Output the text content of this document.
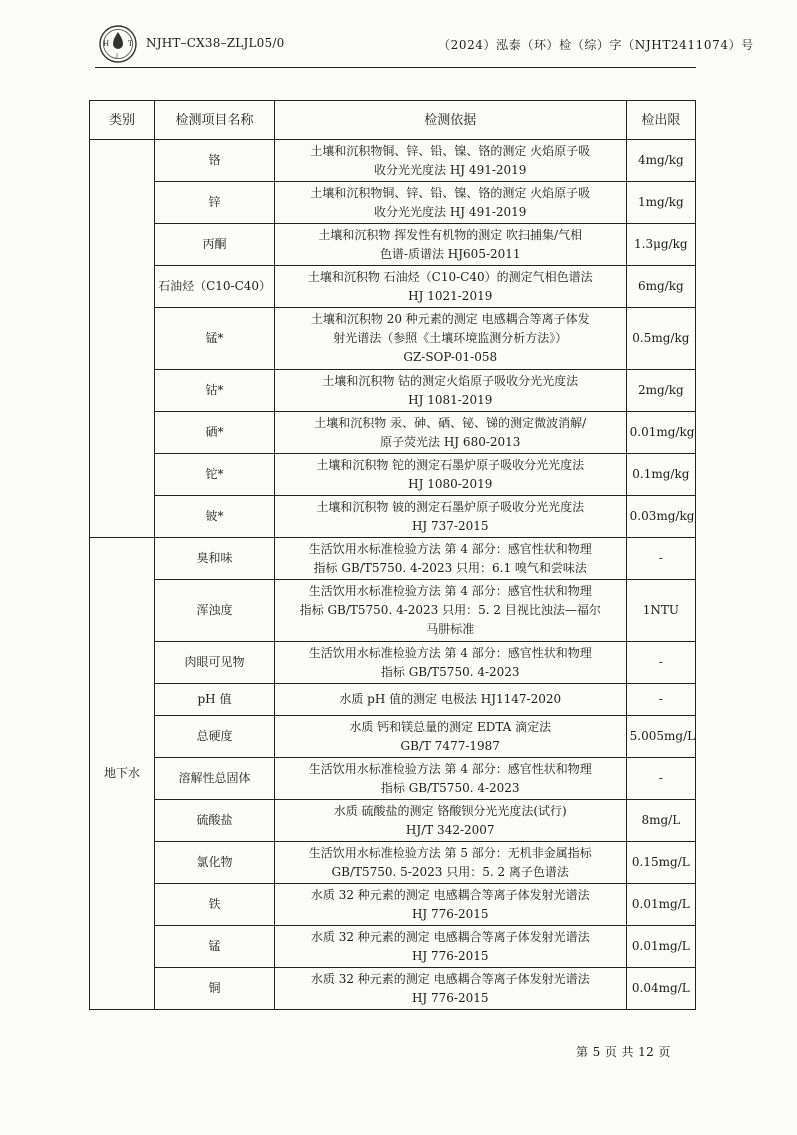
H	T
J
NJHT–CX38–ZLJL05/0	（2024）泓泰（环）检（综）字（NJHT2411074）号
类别	检测项目名称	检测依据	检出限
	铬	土壤和沉积物铜、锌、铅、镍、铬的测定 火焰原子吸
收分光光度法 HJ 491-2019	4mg/kg
	锌	土壤和沉积物铜、锌、铅、镍、铬的测定 火焰原子吸
收分光光度法 HJ 491-2019	1mg/kg
	丙酮	土壤和沉积物 挥发性有机物的测定 吹扫捕集/气相
色谱-质谱法 HJ605-2011	1.3μg/kg
	石油烃（C10-C40）	土壤和沉积物 石油烃（C10-C40）的测定气相色谱法
HJ 1021-2019	6mg/kg
	锰*	土壤和沉积物 20 种元素的测定 电感耦合等离子体发
射光谱法（参照《土壤环境监测分析方法》）
GZ-SOP-01-058	0.5mg/kg
	钴*	土壤和沉积物 钴的测定火焰原子吸收分光光度法
HJ 1081-2019	2mg/kg
	硒*	土壤和沉积物 汞、砷、硒、铋、锑的测定微波消解/
原子荧光法 HJ 680-2013	0.01mg/kg
	铊*	土壤和沉积物 铊的测定石墨炉原子吸收分光光度法
HJ 1080-2019	0.1mg/kg
	铍*	土壤和沉积物 铍的测定石墨炉原子吸收分光光度法
HJ 737-2015	0.03mg/kg
地下水	臭和味	生活饮用水标准检验方法 第 4 部分：感官性状和物理
指标 GB/T5750. 4-2023 只用：6.1 嗅气和尝味法	-
	浑浊度	生活饮用水标准检验方法 第 4 部分：感官性状和物理
指标 GB/T5750. 4-2023 只用：5. 2 目视比浊法—福尔
马肼标准	1NTU
	肉眼可见物	生活饮用水标准检验方法 第 4 部分：感官性状和物理
指标 GB/T5750. 4-2023	-
	pH 值	水质 pH 值的测定 电极法 HJ1147-2020	-
	总硬度	水质 钙和镁总量的测定 EDTA 滴定法
GB/T 7477-1987	5.005mg/L
	溶解性总固体	生活饮用水标准检验方法 第 4 部分：感官性状和物理
指标 GB/T5750. 4-2023	-
	硫酸盐	水质 硫酸盐的测定 铬酸钡分光光度法(试行)
HJ/T 342-2007	8mg/L
	氯化物	生活饮用水标准检验方法 第 5 部分：无机非金属指标
GB/T5750. 5-2023 只用：5. 2 离子色谱法	0.15mg/L
	铁	水质 32 种元素的测定 电感耦合等离子体发射光谱法
HJ 776-2015	0.01mg/L
	锰	水质 32 种元素的测定 电感耦合等离子体发射光谱法
HJ 776-2015	0.01mg/L
	铜	水质 32 种元素的测定 电感耦合等离子体发射光谱法
HJ 776-2015	0.04mg/L
第 5 页 共 12 页
